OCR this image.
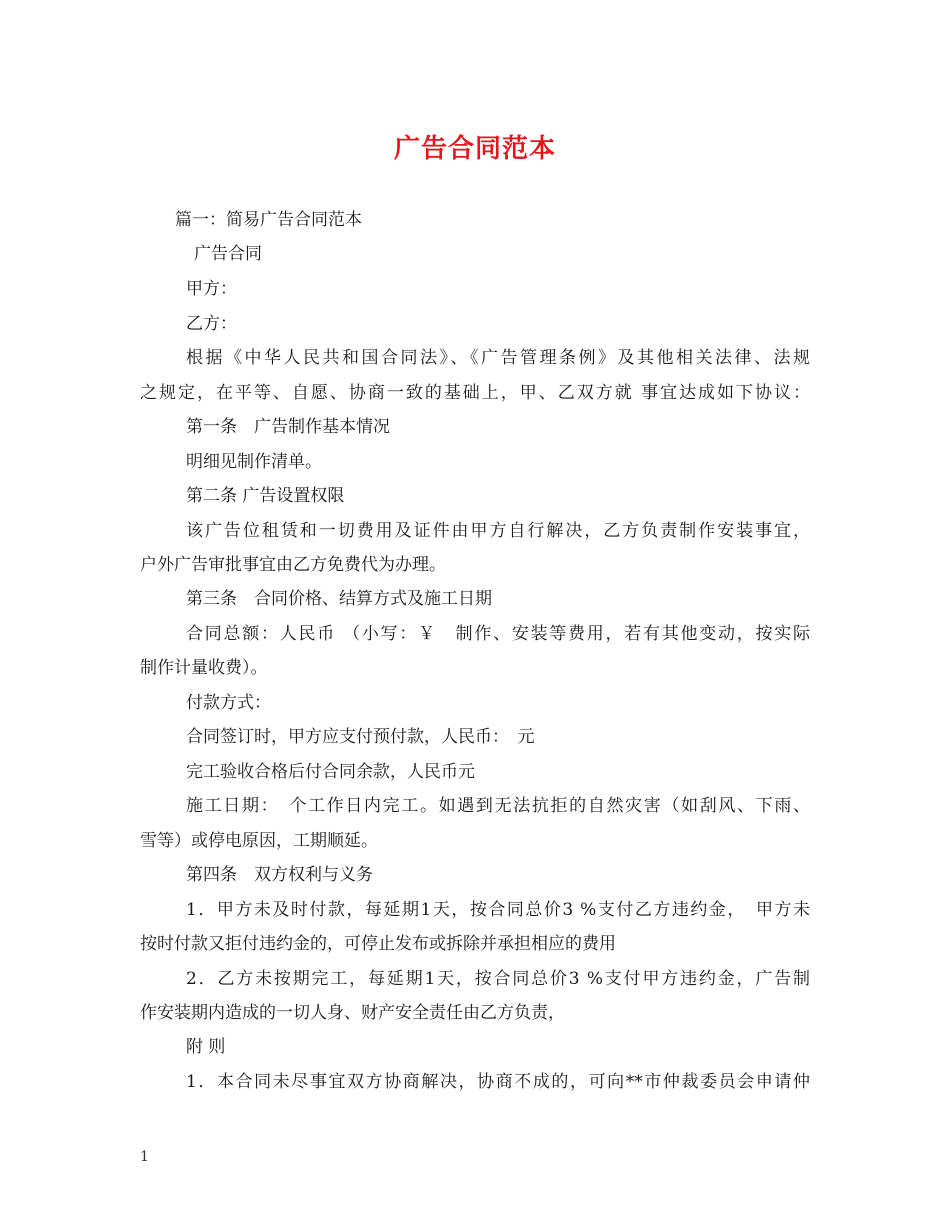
广告合同范本

篇一：简易广告合同范本

广告合同

甲方：

乙方：

根据《中华人民共和国合同法》、《广告管理条例》及其他相关法律、法规

之规定，在平等、自愿、协商一致的基础上，甲、乙双方就 事宜达成如下协议：

第一条　广告制作基本情况

明细见制作清单。

第二条 广告设置权限

该广告位租赁和一切费用及证件由甲方自行解决，乙方负责制作安装事宜，

户外广告审批事宜由乙方免费代为办理。

第三条　合同价格、结算方式及施工日期

合同总额：人民币 （小写：￥　制作、安装等费用，若有其他变动，按实际

制作计量收费）。

付款方式：

合同签订时，甲方应支付预付款，人民币：　元

完工验收合格后付合同余款，人民币元

施工日期：　个工作日内完工。如遇到无法抗拒的自然灾害（如刮风、下雨、

雪等）或停电原因，工期顺延。

第四条　双方权利与义务

1．甲方未及时付款，每延期1天，按合同总价3 %支付乙方违约金，　甲方未

按时付款又拒付违约金的，可停止发布或拆除并承担相应的费用

2．乙方未按期完工，每延期1天，按合同总价3 %支付甲方违约金，广告制

作安装期内造成的一切人身、财产安全责任由乙方负责，

附 则

1．本合同未尽事宜双方协商解决，协商不成的，可向**市仲裁委员会申请仲

1
